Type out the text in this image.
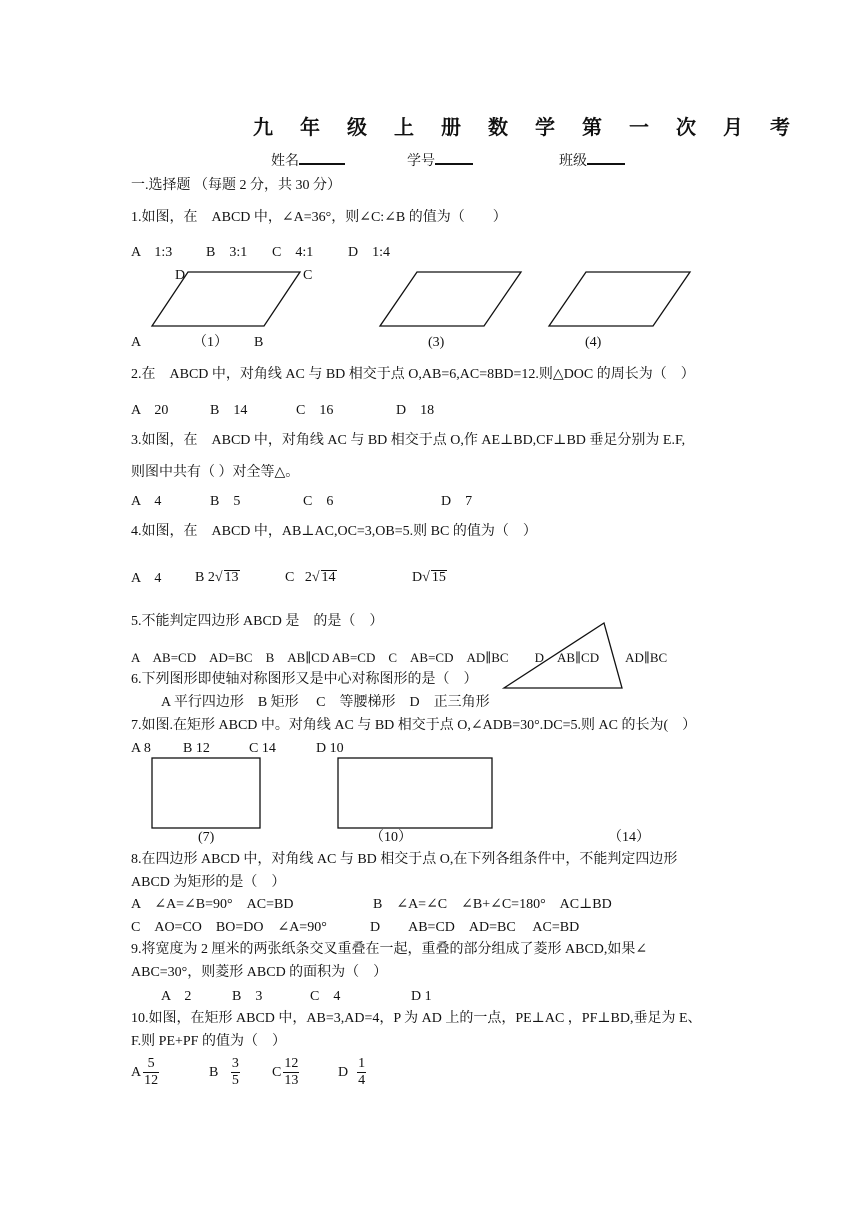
九 年 级 上 册 数 学 第 一 次 月 考
姓名	学号	班级
一.选择题 （每题 2 分，共 30 分）
1.如图，在　ABCD 中，∠A=36°，则∠C:∠B 的值为（　　）
A　1:3 B　3:1 C　4:1 D　1:4
D	C
A	（1） B	(3)	(4)
2.在　ABCD 中，对角线 AC 与 BD 相交于点 O,AB=6,AC=8BD=12.则△DOC 的周长为（　）
A　20	B　14	C　16	D　18
3.如图，在　ABCD 中，对角线 AC 与 BD 相交于点 O,作 AE⊥BD,CF⊥BD 垂足分别为 E.F,
则图中共有（ ）对全等△。
A　4	B　5	C　6	D　7
4.如图，在　ABCD 中，AB⊥AC,OC=3,OB=5.则 BC 的值为（　）
A　4 B 2√ 13	C 2√ 14	D√ 15
5.不能判定四边形 ABCD 是　的是（　）
A　AB=CD　AD=BC　B　AB∥CD AB=CD　C　AB=CD　AD∥BC　　D　AB∥CD　　AD∥BC
6.下列图形即使轴对称图形又是中心对称图形的是（　）
A 平行四边形　B 矩形　 C　等腰梯形　D　正三角形
7.如图.在矩形 ABCD 中。对角线 AC 与 BD 相交于点 O,∠ADB=30°.DC=5.则 AC 的长为(　）
A 8 B 12	C 14	D 10
(7)	（10）	（14）
8.在四边形 ABCD 中，对角线 AC 与 BD 相交于点 O,在下列各组条件中，不能判定四边形
ABCD 为矩形的是（　）
A　∠A=∠B=90°　AC=BD	B　∠A=∠C　∠B+∠C=180°　AC⊥BD
C　AO=CO　BO=DO　∠A=90°	D　　AB=CD　AD=BC　 AC=BD
9.将宽度为 2 厘米的两张纸条交叉重叠在一起，重叠的部分组成了菱形 ABCD,如果∠
ABC=30°，则菱形 ABCD 的面积为（　）
A　2	B　3	C　4	D 1
10.如图，在矩形 ABCD 中，AB=3,AD=4，P 为 AD 上的一点，PE⊥AC ，PF⊥BD,垂足为 E、
F.则 PE+PF 的值为（　）
A $\frac{5}{12}$	B $\frac{3}{5}$ C $\frac{12}{13}$	D $\frac{1}{4}$
